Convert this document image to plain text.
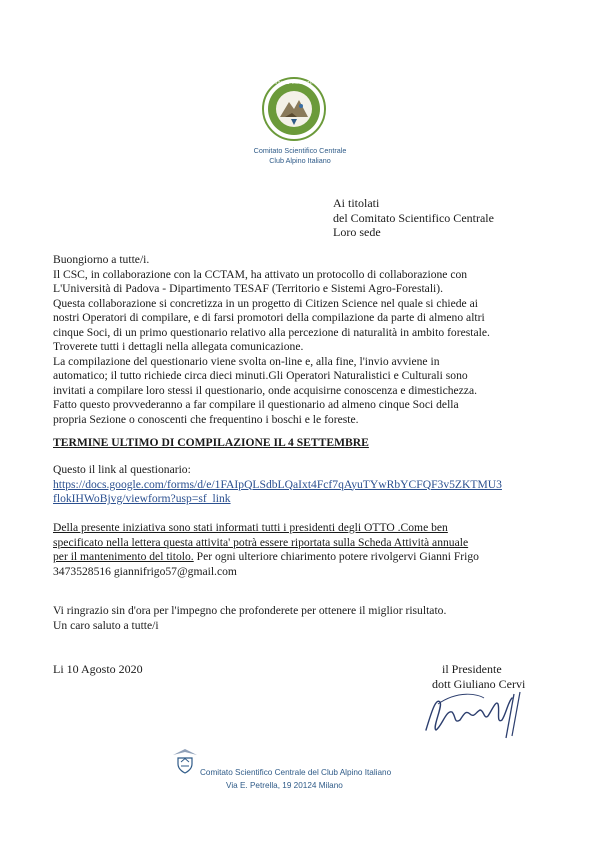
COMITATO SCIENTIFICO
Comitato Scientifico Centrale
Club Alpino Italiano
Ai titolati
del Comitato Scientifico Centrale
Loro sede
Buongiorno a tutte/i.
Il CSC, in collaborazione con la CCTAM, ha attivato un protocollo di collaborazione con
L'Università di Padova - Dipartimento TESAF (Territorio e Sistemi Agro-Forestali).
Questa collaborazione si concretizza in un progetto di Citizen Science nel quale si chiede ai
nostri Operatori di compilare, e di farsi promotori della compilazione da parte di almeno altri
cinque Soci, di un primo questionario relativo alla percezione di naturalità in ambito forestale.
Troverete tutti i dettagli nella allegata comunicazione.
La compilazione del questionario viene svolta on-line e, alla fine, l'invio avviene in
automatico; il tutto richiede circa dieci minuti.Gli Operatori Naturalistici e Culturali sono
invitati a compilare loro stessi il questionario, onde acquisirne conoscenza e dimestichezza.
Fatto questo provvederanno a far compilare il questionario ad almeno cinque Soci della
propria Sezione o conoscenti che frequentino i boschi e le foreste.
TERMINE ULTIMO DI COMPILAZIONE IL 4 SETTEMBRE
Questo il link al questionario:
https://docs.google.com/forms/d/e/1FAIpQLSdbLQaIxt4Fcf7qAyuTYwRbYCFQF3v5ZKTMU3
flokIHWoBjvg/viewform?usp=sf_link
Della presente iniziativa sono stati informati tutti i presidenti degli OTTO .Come ben
specificato nella lettera questa attivita' potrà essere riportata sulla Scheda Attività annuale
per il mantenimento del titolo. Per ogni ulteriore chiarimento potere rivolgervi Gianni Frigo
3473528516 giannifrigo57@gmail.com
Vi ringrazio sin d'ora per l'impegno che profonderete per ottenere il miglior risultato.
Un caro saluto a tutte/i
Li 10 Agosto 2020	il Presidente
dott Giuliano Cervi
Comitato Scientifico Centrale del Club Alpino Italiano
Via E. Petrella, 19 20124 Milano
